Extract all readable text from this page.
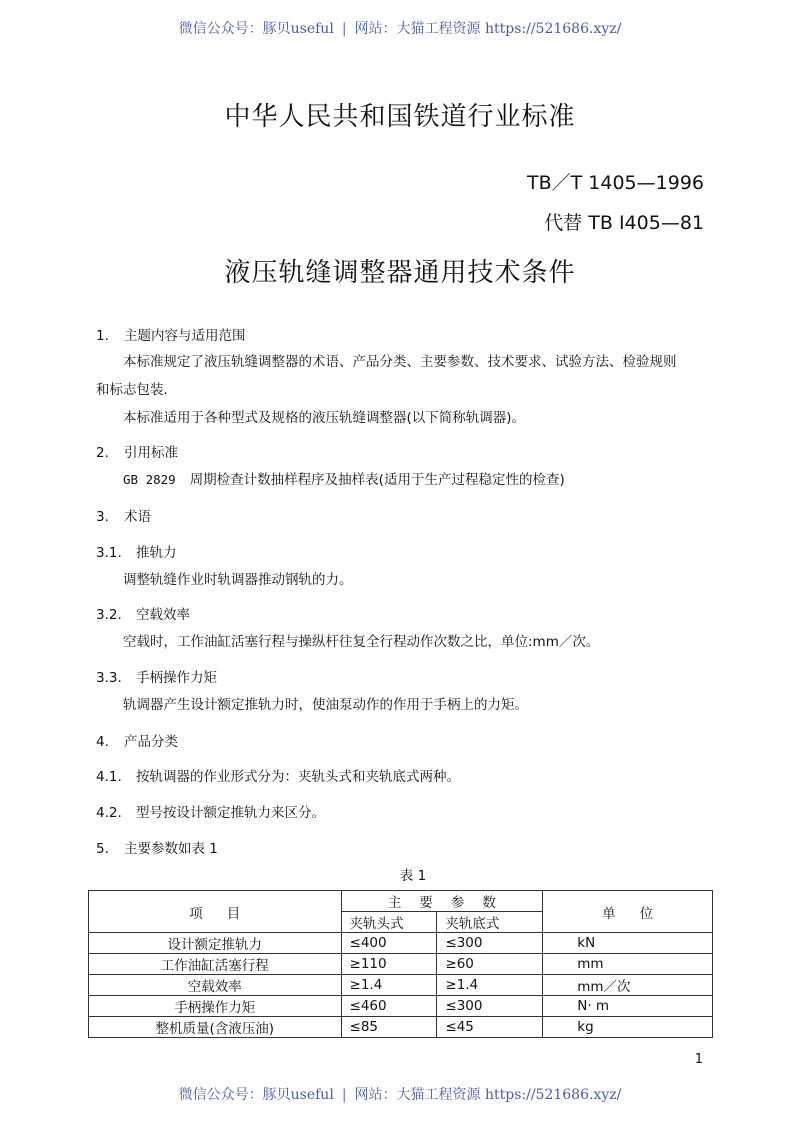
微信公众号：豚贝useful | 网站：大猫工程资源 https://521686.xyz/
中华人民共和国铁道行业标准
TB／T 1405—1996
代替 TB Ⅰ405—81
液压轨缝调整器通用技术条件
1. 主题内容与适用范围
本标准规定了液压轨缝调整器的术语、产品分类、主要参数、技术要求、试验方法、检验规则
和标志包装．
本标准适用于各种型式及规格的液压轨缝调整器(以下简称轨调器)。
2. 引用标准
GB 2829 周期检查计数抽样程序及抽样表(适用于生产过程稳定性的检查)
3. 术语
3.1. 推轨力
调整轨缝作业时轨调器推动钢轨的力。
3.2. 空载效率
空载时，工作油缸活塞行程与操纵杆往复全行程动作次数之比，单位:mm／次。
3.3. 手柄操作力矩
轨调器产生设计额定推轨力时，使油泵动作的作用于手柄上的力矩。
4. 产品分类
4.1. 按轨调器的作业形式分为：夹轨头式和夹轨底式两种。
4.2. 型号按设计额定推轨力来区分。
5. 主要参数如表 1
表 1
项目	主要参数		单位
	夹轨头式	夹轨底式	
设计额定推轨力	≤400	≤300	kN
工作油缸活塞行程	≥110	≥60	mm
空载效率	≥1.4	≥1.4	mm／次
手柄操作力矩	≤460	≤300	N· m
整机质量(含液压油)	≤85	≤45	kg
1
微信公众号：豚贝useful | 网站：大猫工程资源 https://521686.xyz/
